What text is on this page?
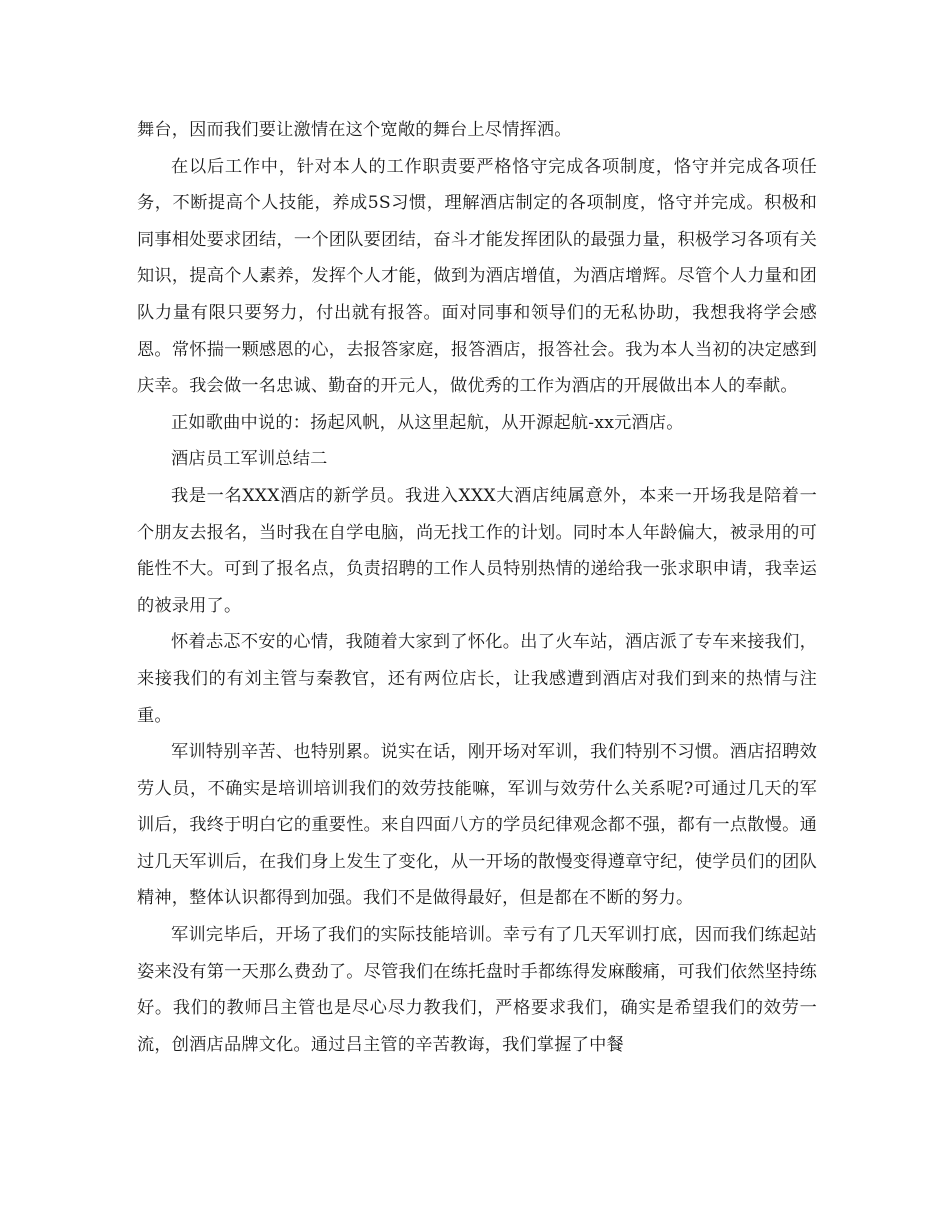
舞台，因而我们要让激情在这个宽敞的舞台上尽情挥洒。

在以后工作中，针对本人的工作职责要严格恪守完成各项制度，恪守并完成各项任务，不断提高个人技能，养成5S习惯，理解酒店制定的各项制度，恪守并完成。积极和同事相处要求团结，一个团队要团结，奋斗才能发挥团队的最强力量，积极学习各项有关知识，提高个人素养，发挥个人才能，做到为酒店增值，为酒店增辉。尽管个人力量和团队力量有限只要努力，付出就有报答。面对同事和领导们的无私协助，我想我将学会感恩。常怀揣一颗感恩的心，去报答家庭，报答酒店，报答社会。我为本人当初的决定感到庆幸。我会做一名忠诚、勤奋的开元人，做优秀的工作为酒店的开展做出本人的奉献。

正如歌曲中说的：扬起风帆，从这里起航，从开源起航-xx元酒店。

酒店员工军训总结二

我是一名XXX酒店的新学员。我进入XXX大酒店纯属意外，本来一开场我是陪着一个朋友去报名，当时我在自学电脑，尚无找工作的计划。同时本人年龄偏大，被录用的可能性不大。可到了报名点，负责招聘的工作人员特别热情的递给我一张求职申请，我幸运的被录用了。

怀着忐忑不安的心情，我随着大家到了怀化。出了火车站，酒店派了专车来接我们，来接我们的有刘主管与秦教官，还有两位店长，让我感遭到酒店对我们到来的热情与注重。

军训特别辛苦、也特别累。说实在话，刚开场对军训，我们特别不习惯。酒店招聘效劳人员，不确实是培训培训我们的效劳技能嘛，军训与效劳什么关系呢?可通过几天的军训后，我终于明白它的重要性。来自四面八方的学员纪律观念都不强，都有一点散慢。通过几天军训后，在我们身上发生了变化，从一开场的散慢变得遵章守纪，使学员们的团队精神，整体认识都得到加强。我们不是做得最好，但是都在不断的努力。

军训完毕后，开场了我们的实际技能培训。幸亏有了几天军训打底，因而我们练起站姿来没有第一天那么费劲了。尽管我们在练托盘时手都练得发麻酸痛，可我们依然坚持练好。我们的教师吕主管也是尽心尽力教我们，严格要求我们，确实是希望我们的效劳一流，创酒店品牌文化。通过吕主管的辛苦教诲，我们掌握了中餐
